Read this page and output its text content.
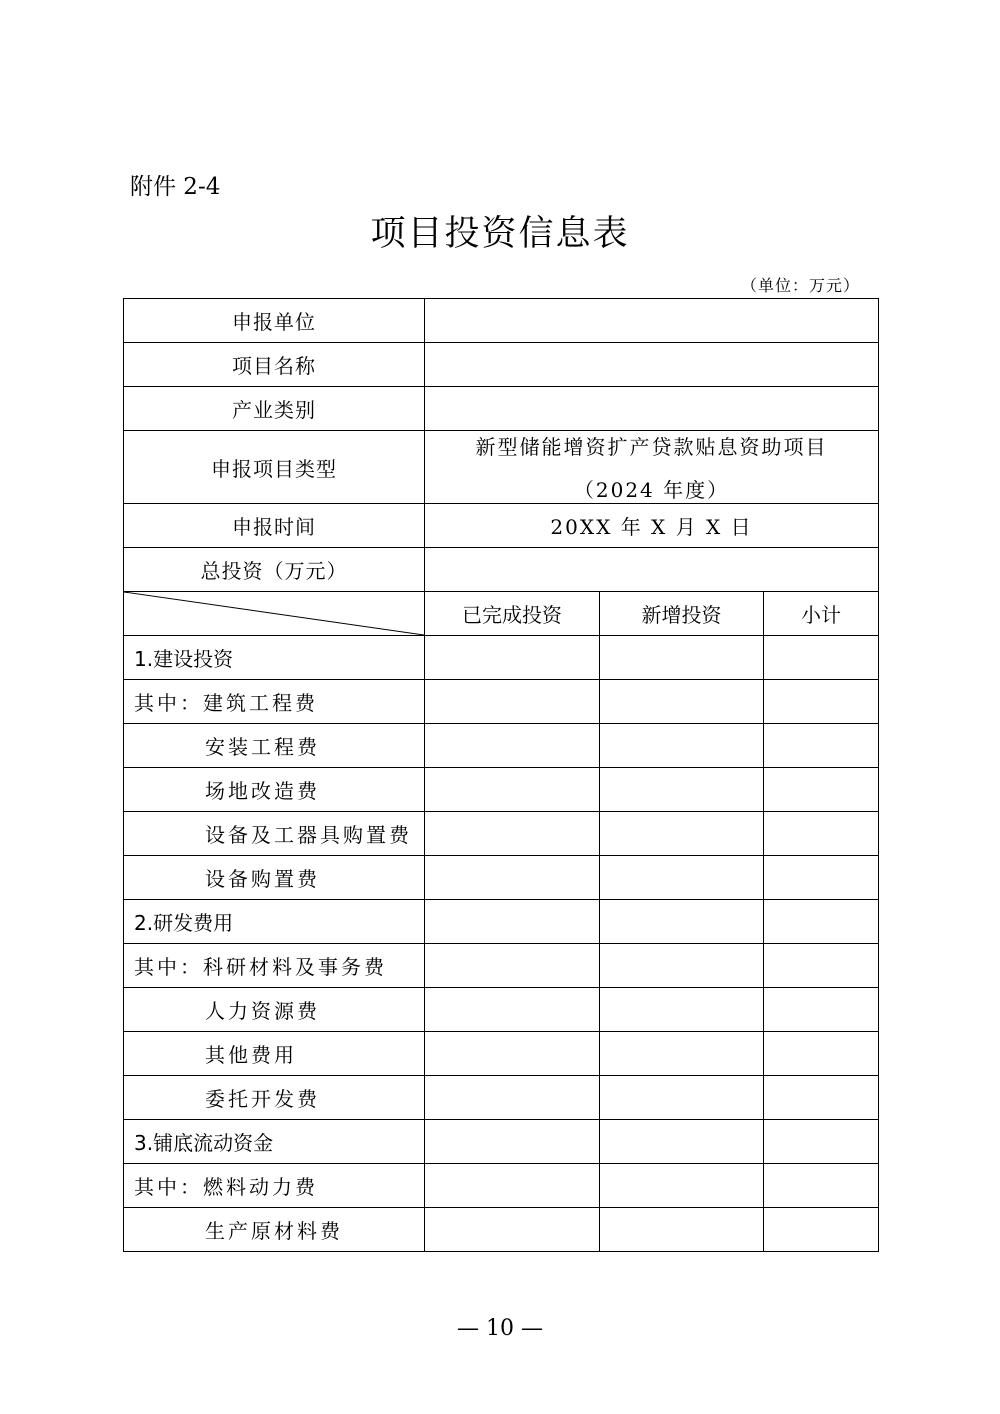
附件 2-4
项目投资信息表
（单位：万元）
申报单位			
项目名称			
产业类别			
申报项目类型	新型储能增资扩产贷款贴息资助项目
（2024 年度）		

申报时间	20XX 年 X 月 X 日		
总投资（万元）			

	已完成投资	新增投资	小计
1.建设投资			
其中：建筑工程费			
安装工程费			
场地改造费			
设备及工器具购置费			
设备购置费			
2.研发费用			
其中：科研材料及事务费			
人力资源费			
其他费用			
委托开发费			
3.铺底流动资金			
其中：燃料动力费			
生产原材料费			
— 10 —
